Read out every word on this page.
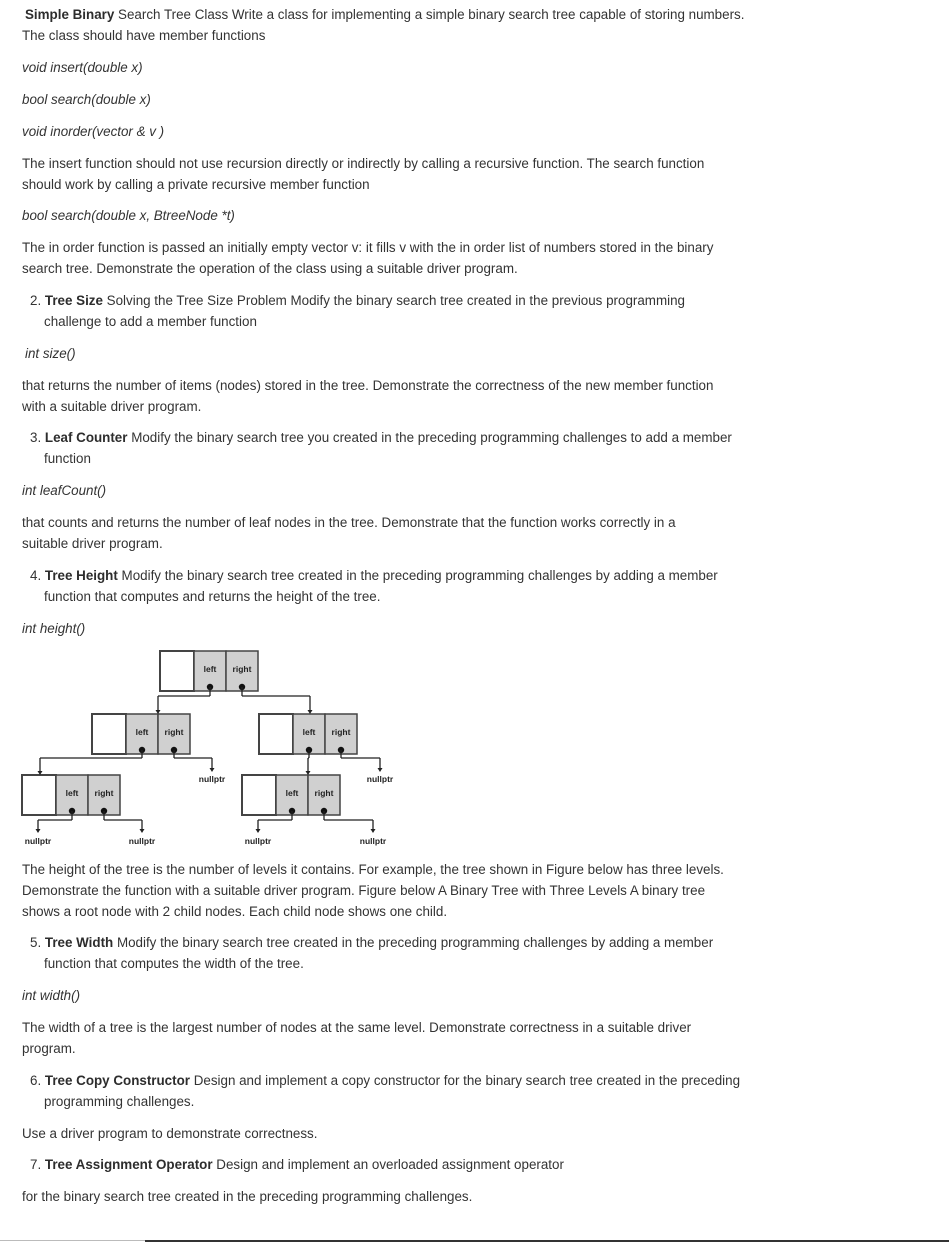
Simple Binary Search Tree Class Write a class for implementing a simple binary search tree capable of storing numbers.
The class should have member functions
void insert(double x)
bool search(double x)
void inorder(vector & v )
The insert function should not use recursion directly or indirectly by calling a recursive function. The search function
should work by calling a private recursive member function
bool search(double x, BtreeNode *t)
The in order function is passed an initially empty vector v: it fills v with the in order list of numbers stored in the binary
search tree. Demonstrate the operation of the class using a suitable driver program.
2. Tree Size Solving the Tree Size Problem Modify the binary search tree created in the previous programming
challenge to add a member function
int size()
that returns the number of items (nodes) stored in the tree. Demonstrate the correctness of the new member function
with a suitable driver program.
3. Leaf Counter Modify the binary search tree you created in the preceding programming challenges to add a member
function
int leafCount()
that counts and returns the number of leaf nodes in the tree. Demonstrate that the function works correctly in a
suitable driver program.
4. Tree Height Modify the binary search tree created in the preceding programming challenges by adding a member
function that computes and returns the height of the tree.
int height()
left right
left right	left right
left right	left right
nullptr	nullptr
nullptr	nullptr	nullptr	nullptr
The height of the tree is the number of levels it contains. For example, the tree shown in Figure below has three levels.
Demonstrate the function with a suitable driver program. Figure below A Binary Tree with Three Levels A binary tree
shows a root node with 2 child nodes. Each child node shows one child.
5. Tree Width Modify the binary search tree created in the preceding programming challenges by adding a member
function that computes the width of the tree.
int width()
The width of a tree is the largest number of nodes at the same level. Demonstrate correctness in a suitable driver
program.
6. Tree Copy Constructor Design and implement a copy constructor for the binary search tree created in the preceding
programming challenges.
Use a driver program to demonstrate correctness.
7. Tree Assignment Operator Design and implement an overloaded assignment operator
for the binary search tree created in the preceding programming challenges.
